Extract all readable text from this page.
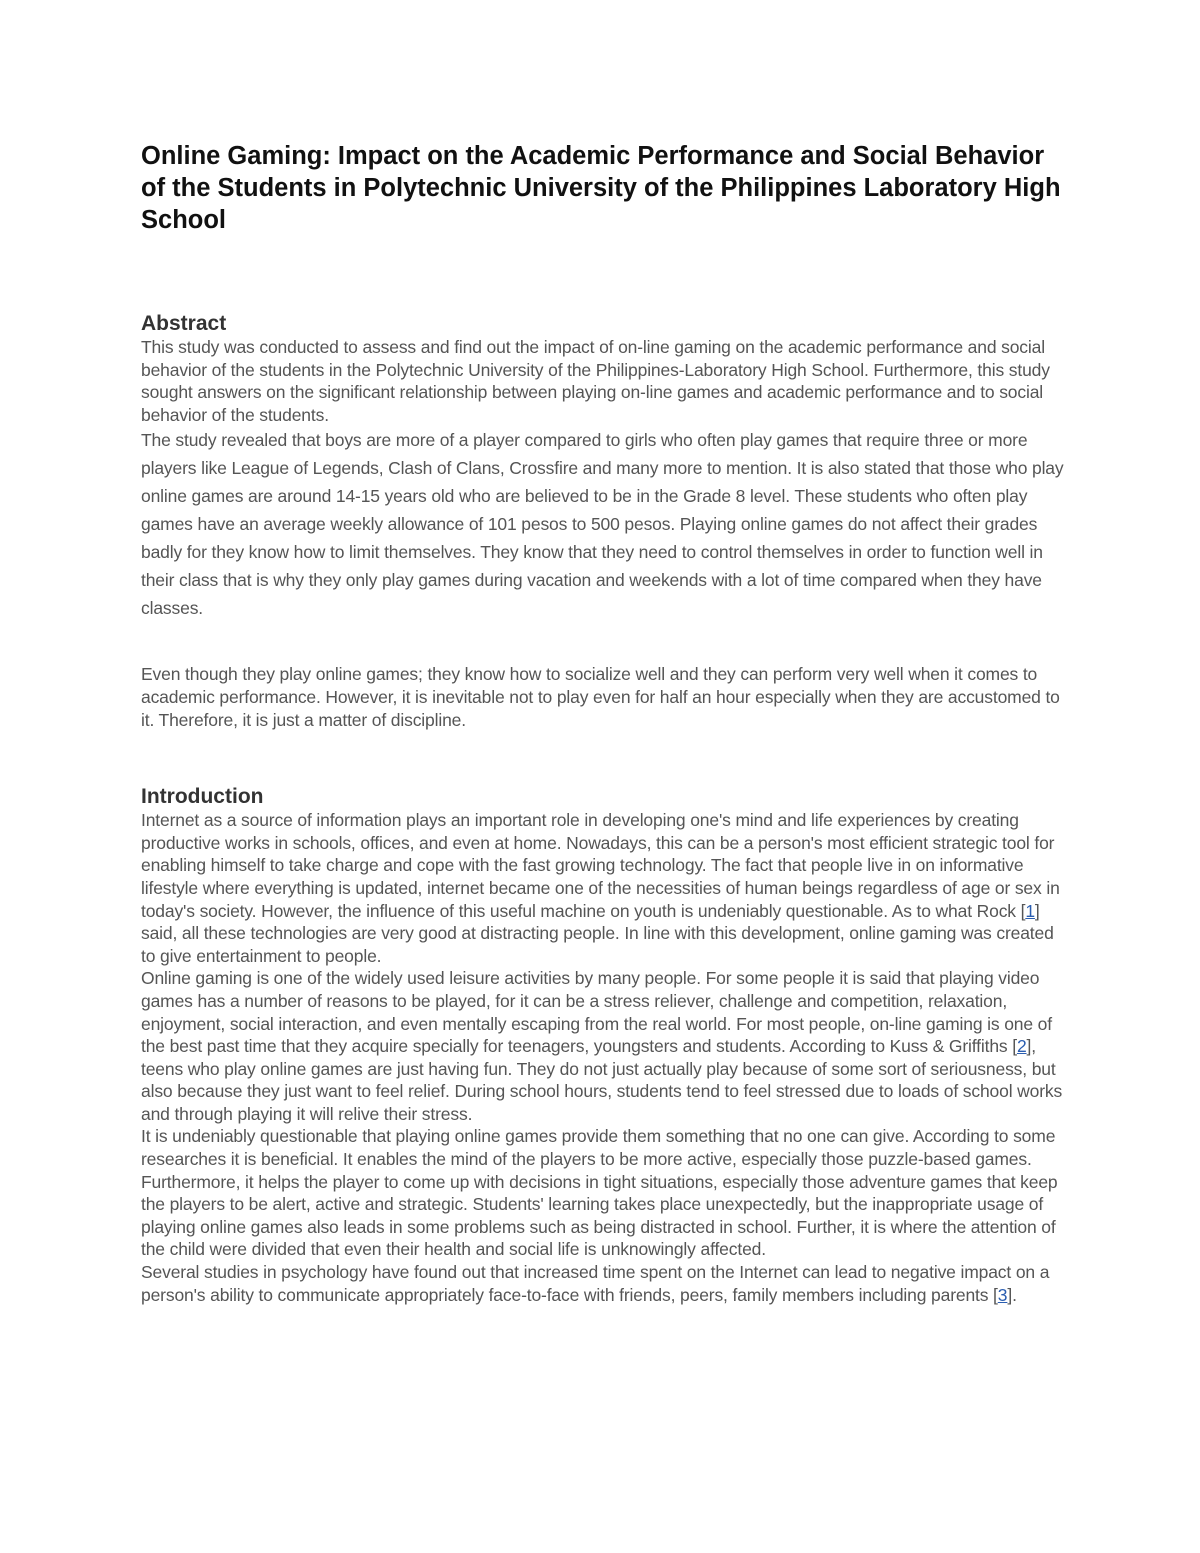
Online Gaming: Impact on the Academic Performance and Social Behavior of the Students in Polytechnic University of the Philippines Laboratory High School
Abstract

This study was conducted to assess and find out the impact of on-line gaming on the academic performance and social behavior of the students in the Polytechnic University of the Philippines-Laboratory High School. Furthermore, this study sought answers on the significant relationship between playing on-line games and academic performance and to social behavior of the students.

The study revealed that boys are more of a player compared to girls who often play games that require three or more players like League of Legends, Clash of Clans, Crossfire and many more to mention. It is also stated that those who play online games are around 14-15 years old who are believed to be in the Grade 8 level. These students who often play games have an average weekly allowance of 101 pesos to 500 pesos. Playing online games do not affect their grades badly for they know how to limit themselves. They know that they need to control themselves in order to function well in their class that is why they only play games during vacation and weekends with a lot of time compared when they have classes.

Even though they play online games; they know how to socialize well and they can perform very well when it comes to academic performance. However, it is inevitable not to play even for half an hour especially when they are accustomed to it. Therefore, it is just a matter of discipline.

Introduction

Internet as a source of information plays an important role in developing one's mind and life experiences by creating productive works in schools, offices, and even at home. Nowadays, this can be a person's most efficient strategic tool for enabling himself to take charge and cope with the fast growing technology. The fact that people live in on informative lifestyle where everything is updated, internet became one of the necessities of human beings regardless of age or sex in today's society. However, the influence of this useful machine on youth is undeniably questionable. As to what Rock [1] said, all these technologies are very good at distracting people. In line with this development, online gaming was created to give entertainment to people.

Online gaming is one of the widely used leisure activities by many people. For some people it is said that playing video games has a number of reasons to be played, for it can be a stress reliever, challenge and competition, relaxation, enjoyment, social interaction, and even mentally escaping from the real world. For most people, on-line gaming is one of the best past time that they acquire specially for teenagers, youngsters and students. According to Kuss & Griffiths [2], teens who play online games are just having fun. They do not just actually play because of some sort of seriousness, but also because they just want to feel relief. During school hours, students tend to feel stressed due to loads of school works and through playing it will relive their stress.

It is undeniably questionable that playing online games provide them something that no one can give. According to some researches it is beneficial. It enables the mind of the players to be more active, especially those puzzle-based games. Furthermore, it helps the player to come up with decisions in tight situations, especially those adventure games that keep the players to be alert, active and strategic. Students' learning takes place unexpectedly, but the inappropriate usage of playing online games also leads in some problems such as being distracted in school. Further, it is where the attention of the child were divided that even their health and social life is unknowingly affected.

Several studies in psychology have found out that increased time spent on the Internet can lead to negative impact on a person's ability to communicate appropriately face-to-face with friends, peers, family members including parents [3].
